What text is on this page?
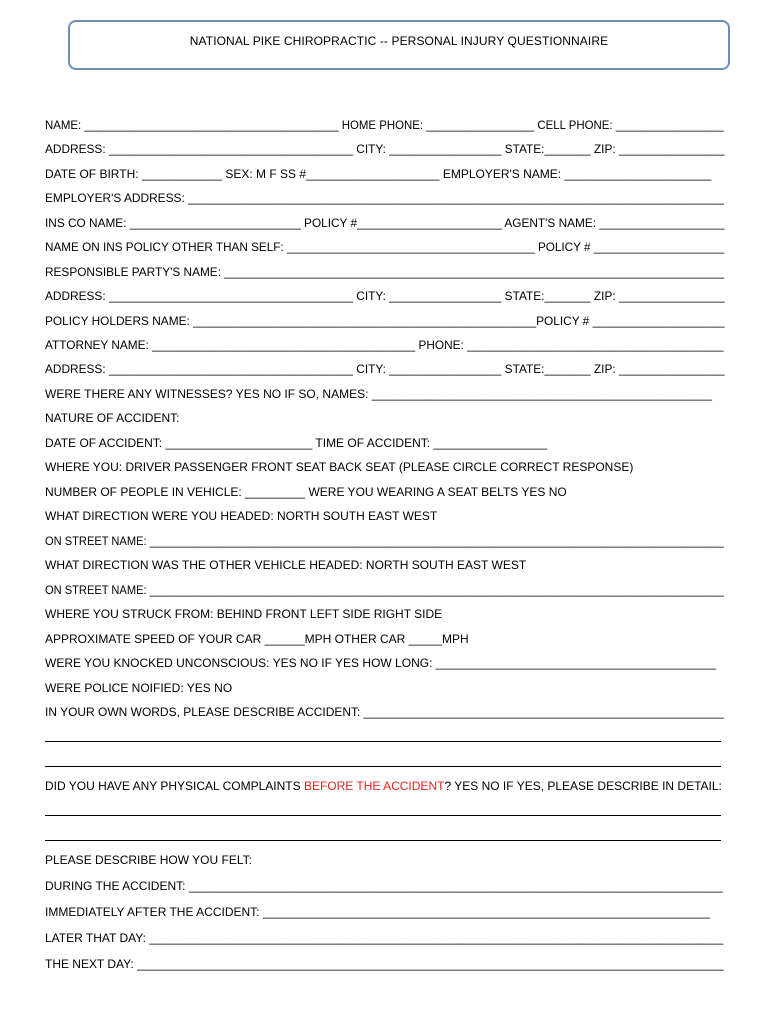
NATIONAL PIKE CHIROPRACTIC -- PERSONAL INJURY QUESTIONNAIRE
NAME: ________________________________________ HOME PHONE: _________________ CELL PHONE: _________________
ADDRESS: _____________________________________ CITY: _________________ STATE:_______ ZIP: ________________
DATE OF BIRTH: ____________ SEX: M F SS #____________________ EMPLOYER'S NAME: ______________________
EMPLOYER'S ADDRESS: _________________________________________________________________________________
INS CO NAME: __________________________ POLICY #______________________ AGENT'S NAME: ___________________
NAME ON INS POLICY OTHER THAN SELF: ______________________________________ POLICY # ____________________
RESPONSIBLE PARTY'S NAME: ____________________________________________________________________________
ADDRESS: _____________________________________ CITY: _________________ STATE:_______ ZIP: ________________
POLICY HOLDERS NAME: ____________________________________________________POLICY # ____________________
ATTORNEY NAME: ________________________________________ PHONE: _______________________________________
ADDRESS: _____________________________________ CITY: _________________ STATE:_______ ZIP: ________________
WERE THERE ANY WITNESSES? YES NO IF SO, NAMES: ___________________________________________________
NATURE OF ACCIDENT:
DATE OF ACCIDENT: ______________________ TIME OF ACCIDENT: _________________
WHERE YOU: DRIVER PASSENGER FRONT SEAT BACK SEAT (PLEASE CIRCLE CORRECT RESPONSE)
NUMBER OF PEOPLE IN VEHICLE: _________ WERE YOU WEARING A SEAT BELTS YES NO
WHAT DIRECTION WERE YOU HEADED: NORTH SOUTH EAST WEST
ON STREET NAME: _____________________________________________________________________________________________
WHAT DIRECTION WAS THE OTHER VEHICLE HEADED: NORTH SOUTH EAST WEST
ON STREET NAME: _____________________________________________________________________________________________
WHERE YOU STRUCK FROM: BEHIND FRONT LEFT SIDE RIGHT SIDE
APPROXIMATE SPEED OF YOUR CAR ______MPH OTHER CAR _____MPH
WERE YOU KNOCKED UNCONSCIOUS: YES NO IF YES HOW LONG: __________________________________________
WERE POLICE NOIFIED: YES NO
IN YOUR OWN WORDS, PLEASE DESCRIBE ACCIDENT: ______________________________________________________
DID YOU HAVE ANY PHYSICAL COMPLAINTS BEFORE THE ACCIDENT? YES NO IF YES, PLEASE DESCRIBE IN DETAIL:
PLEASE DESCRIBE HOW YOU FELT:
DURING THE ACCIDENT: ________________________________________________________________________________
IMMEDIATELY AFTER THE ACCIDENT: ___________________________________________________________________
LATER THAT DAY: ______________________________________________________________________________________
THE NEXT DAY: ________________________________________________________________________________________
